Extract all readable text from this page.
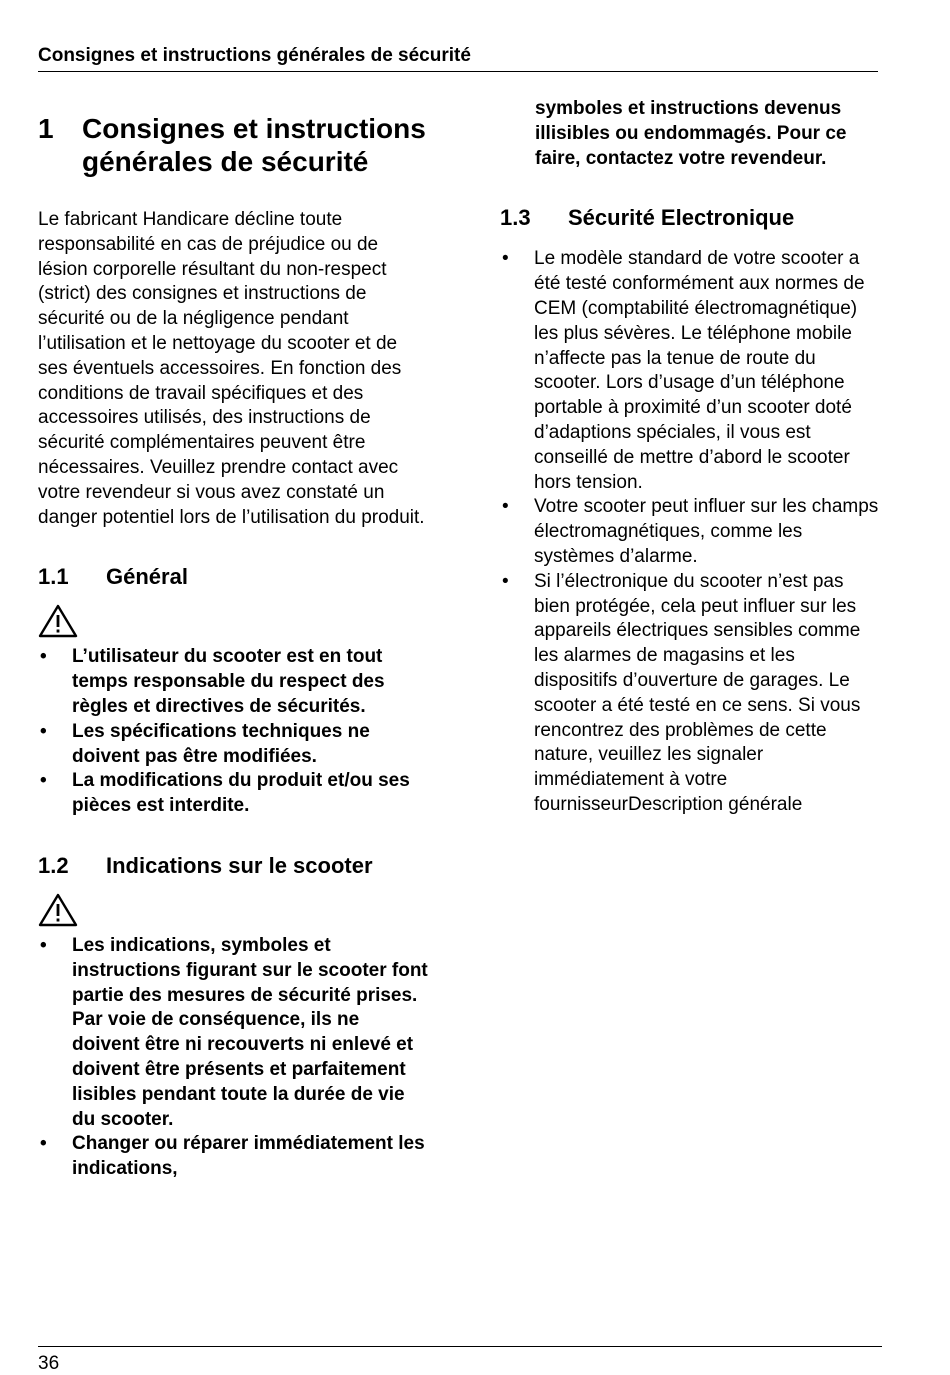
Consignes et instructions générales de sécurité
1	Consignes et instructions générales de sécurité

Le fabricant Handicare décline toute responsabilité en cas de préjudice ou de lésion corporelle résultant du non-respect (strict) des consignes et instructions de sécurité ou de la négligence pendant l’utilisation et le nettoyage du scooter et de ses éventuels accessoires. En fonction des conditions de travail spécifiques et des accessoires utilisés, des instructions de sécurité complémentaires peuvent être nécessaires. Veuillez prendre contact avec votre revendeur si vous avez constaté un danger potentiel lors de l’utilisation du produit.

1.1	Général
• L’utilisateur du scooter est en tout temps responsable du respect des règles et directives de sécurités.
• Les spécifications techniques ne doivent pas être modifiées.
• La modifications du produit et/ou ses pièces est interdite.
1.2	Indications sur le scooter
• Les indications, symboles et instructions figurant sur le scooter font partie des mesures de sécurité prises. Par voie de conséquence, ils ne doivent être ni recouverts ni enlevé et doivent être présents et parfaitement lisibles pendant toute la durée de vie du scooter.
• Changer ou réparer immédiatement les indications,

symboles et instructions devenus illisibles ou endommagés. Pour ce faire, contactez votre revendeur.

1.3	Sécurité Electronique
• Le modèle standard de votre scooter a été testé conformément aux normes de CEM (comptabilité électromagnétique) les plus sévères. Le téléphone mobile n’affecte pas la tenue de route du scooter. Lors d’usage d’un téléphone portable à proximité d’un scooter doté d’adaptions spéciales, il vous est conseillé de mettre d’abord le scooter hors tension.
• Votre scooter peut influer sur les champs électromagnétiques, comme les systèmes d’alarme.
• Si l’électronique du scooter n’est pas bien protégée, cela peut influer sur les appareils électriques sensibles comme les alarmes de magasins et les dispositifs d’ouverture de garages. Le scooter a été testé en ce sens. Si vous rencontrez des problèmes de cette nature, veuillez les signaler immédiatement à votre fournisseurDescription générale
36
